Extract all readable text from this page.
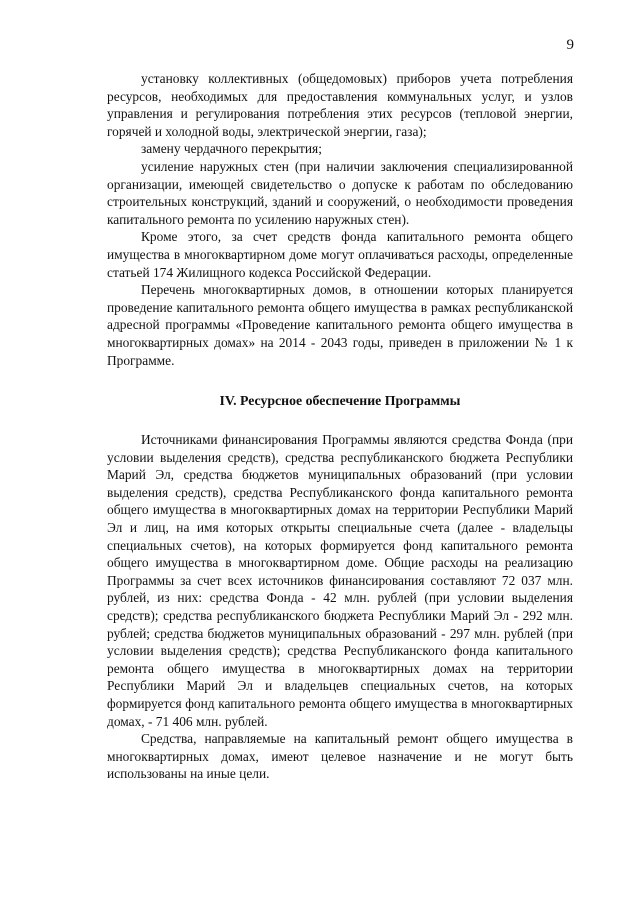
9

установку коллективных (общедомовых) приборов учета потребления ресурсов, необходимых для предоставления коммунальных услуг, и узлов управления и регулирования потребления этих ресурсов (тепловой энергии, горячей и холодной воды, электрической энергии, газа);

замену чердачного перекрытия;

усиление наружных стен (при наличии заключения специализированной организации, имеющей свидетельство о допуске к работам по обследованию строительных конструкций, зданий и сооружений, о необходимости проведения капитального ремонта по усилению наружных стен).

Кроме этого, за счет средств фонда капитального ремонта общего имущества в многоквартирном доме могут оплачиваться расходы, определенные статьей 174 Жилищного кодекса Российской Федерации.

Перечень многоквартирных домов, в отношении которых планируется проведение капитального ремонта общего имущества в рамках республиканской адресной программы «Проведение капитального ремонта общего имущества в многоквартирных домах» на 2014 - 2043 годы, приведен в приложении № 1 к Программе.

IV. Ресурсное обеспечение Программы

Источниками финансирования Программы являются средства Фонда (при условии выделения средств), средства республиканского бюджета Республики Марий Эл, средства бюджетов муниципальных образований (при условии выделения средств), средства Республиканского фонда капитального ремонта общего имущества в многоквартирных домах на территории Республики Марий Эл и лиц, на имя которых открыты специальные счета (далее - владельцы специальных счетов), на которых формируется фонд капитального ремонта общего имущества в многоквартирном доме. Общие расходы на реализацию Программы за счет всех источников финансирования составляют 72 037 млн. рублей, из них: средства Фонда - 42 млн. рублей (при условии выделения средств); средства республиканского бюджета Республики Марий Эл - 292 млн. рублей; средства бюджетов муниципальных образований - 297 млн. рублей (при условии выделения средств); средства Республиканского фонда капитального ремонта общего имущества в многоквартирных домах на территории Республики Марий Эл и владельцев специальных счетов, на которых формируется фонд капитального ремонта общего имущества в многоквартирных домах, - 71 406 млн. рублей.

Средства, направляемые на капитальный ремонт общего имущества в многоквартирных домах, имеют целевое назначение и не могут быть использованы на иные цели.
